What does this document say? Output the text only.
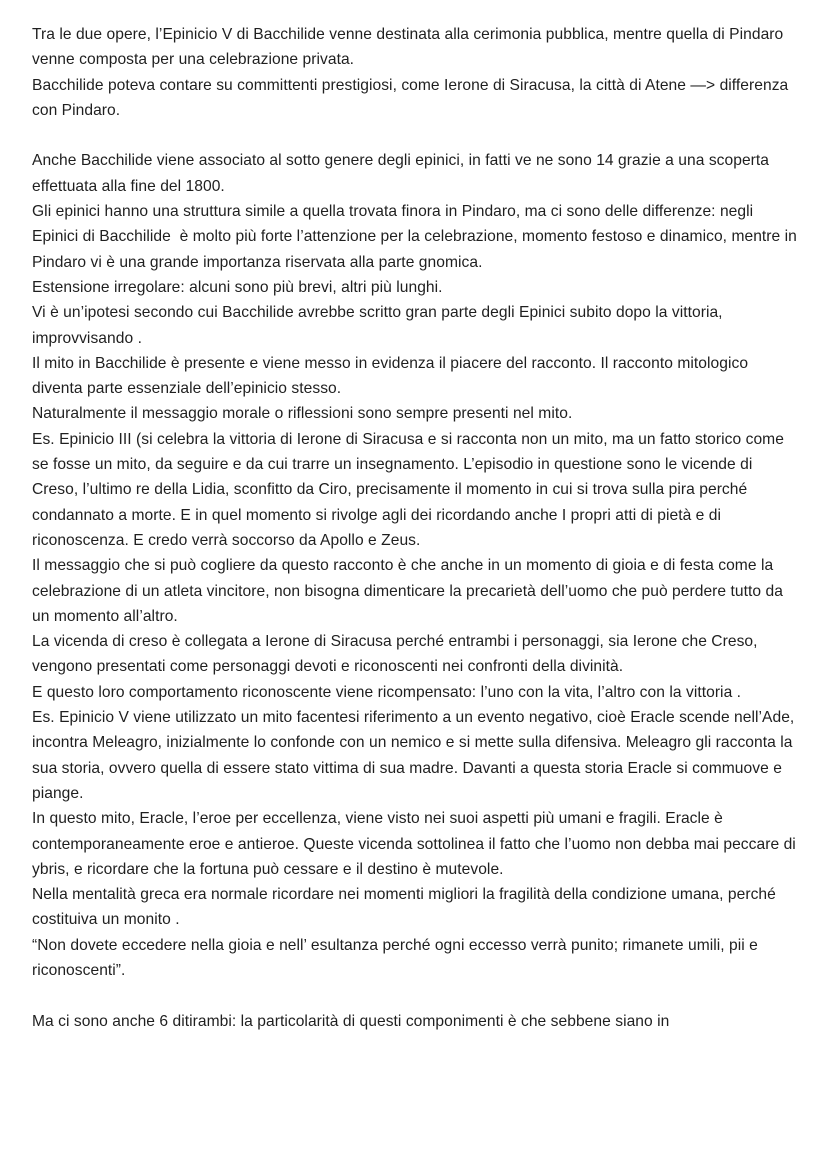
Tra le due opere, l’Epinicio V di Bacchilide venne destinata alla cerimonia pubblica, mentre quella di Pindaro venne composta per una celebrazione privata.

Bacchilide poteva contare su committenti prestigiosi, come Ierone di Siracusa, la città di Atene —> differenza con Pindaro.

Anche Bacchilide viene associato al sotto genere degli epinici, in fatti ve ne sono 14 grazie a una scoperta effettuata alla fine del 1800.

Gli epinici hanno una struttura simile a quella trovata finora in Pindaro, ma ci sono delle differenze: negli Epinici di Bacchilide  è molto più forte l’attenzione per la celebrazione, momento festoso e dinamico, mentre in Pindaro vi è una grande importanza riservata alla parte gnomica.

Estensione irregolare: alcuni sono più brevi, altri più lunghi.

Vi è un’ipotesi secondo cui Bacchilide avrebbe scritto gran parte degli Epinici subito dopo la vittoria, improvvisando .

Il mito in Bacchilide è presente e viene messo in evidenza il piacere del racconto. Il racconto mitologico diventa parte essenziale dell’epinicio stesso.

Naturalmente il messaggio morale o riflessioni sono sempre presenti nel mito.

Es. Epinicio III (si celebra la vittoria di Ierone di Siracusa e si racconta non un mito, ma un fatto storico come se fosse un mito, da seguire e da cui trarre un insegnamento. L’episodio in questione sono le vicende di Creso, l’ultimo re della Lidia, sconfitto da Ciro, precisamente il momento in cui si trova sulla pira perché condannato a morte. E in quel momento si rivolge agli dei ricordando anche I propri atti di pietà e di riconoscenza. E credo verrà soccorso da Apollo e Zeus.

Il messaggio che si può cogliere da questo racconto è che anche in un momento di gioia e di festa come la celebrazione di un atleta vincitore, non bisogna dimenticare la precarietà dell’uomo che può perdere tutto da un momento all’altro.

La vicenda di creso è collegata a Ierone di Siracusa perché entrambi i personaggi, sia Ierone che Creso, vengono presentati come personaggi devoti e riconoscenti nei confronti della divinità.

E questo loro comportamento riconoscente viene ricompensato: l’uno con la vita, l’altro con la vittoria .

Es. Epinicio V viene utilizzato un mito facentesi riferimento a un evento negativo, cioè Eracle scende nell’Ade, incontra Meleagro, inizialmente lo confonde con un nemico e si mette sulla difensiva. Meleagro gli racconta la sua storia, ovvero quella di essere stato vittima di sua madre. Davanti a questa storia Eracle si commuove e piange.

In questo mito, Eracle, l’eroe per eccellenza, viene visto nei suoi aspetti più umani e fragili. Eracle è contemporaneamente eroe e antieroe. Queste vicenda sottolinea il fatto che l’uomo non debba mai peccare di ybris, e ricordare che la fortuna può cessare e il destino è mutevole.

Nella mentalità greca era normale ricordare nei momenti migliori la fragilità della condizione umana, perché costituiva un monito .

“Non dovete eccedere nella gioia e nell’ esultanza perché ogni eccesso verrà punito; rimanete umili, pii e riconoscenti”.

Ma ci sono anche 6 ditirambi: la particolarità di questi componimenti è che sebbene siano in
